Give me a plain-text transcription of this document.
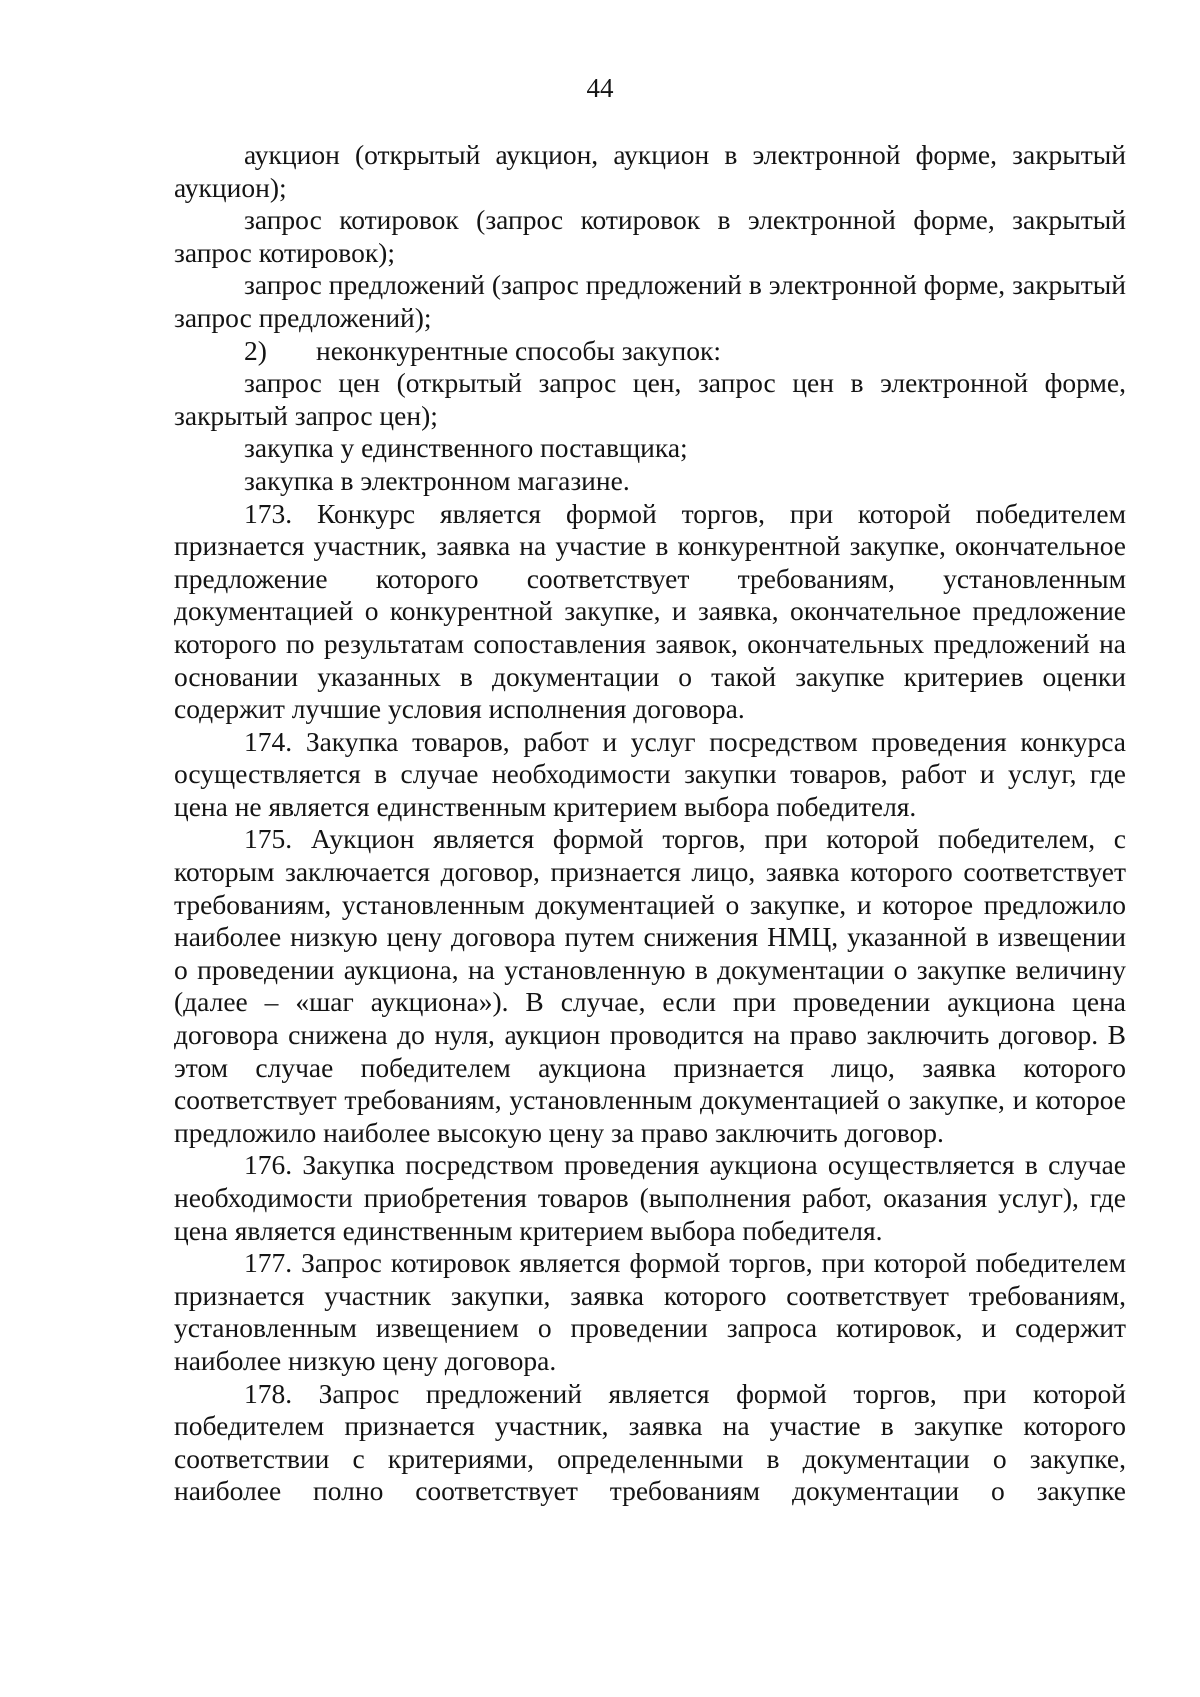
44

аукцион (открытый аукцион, аукцион в электронной форме, закрытый аукцион);

запрос котировок (запрос котировок в электронной форме, закрытый запрос котировок);

запрос предложений (запрос предложений в электронной форме, закрытый запрос предложений);

2) неконкурентные способы закупок:

запрос цен (открытый запрос цен, запрос цен в электронной форме, закрытый запрос цен);

закупка у единственного поставщика;

закупка в электронном магазине.

173. Конкурс является формой торгов, при которой победителем признается участник, заявка на участие в конкурентной закупке, окончательное предложение которого соответствует требованиям, установленным документацией о конкурентной закупке, и заявка, окончательное предложение которого по результатам сопоставления заявок, окончательных предложений на основании указанных в документации о такой закупке критериев оценки содержит лучшие условия исполнения договора.

174. Закупка товаров, работ и услуг посредством проведения конкурса осуществляется в случае необходимости закупки товаров, работ и услуг, где цена не является единственным критерием выбора победителя.

175. Аукцион является формой торгов, при которой победителем, с которым заключается договор, признается лицо, заявка которого соответствует требованиям, установленным документацией о закупке, и которое предложило наиболее низкую цену договора путем снижения НМЦ, указанной в извещении о проведении аукциона, на установленную в документации о закупке величину (далее – «шаг аукциона»). В случае, если при проведении аукциона цена договора снижена до нуля, аукцион проводится на право заключить договор. В этом случае победителем аукциона признается лицо, заявка которого соответствует требованиям, установленным документацией о закупке, и которое предложило наиболее высокую цену за право заключить договор.

176. Закупка посредством проведения аукциона осуществляется в случае необходимости приобретения товаров (выполнения работ, оказания услуг), где цена является единственным критерием выбора победителя.

177. Запрос котировок является формой торгов, при которой победителем признается участник закупки, заявка которого соответствует требованиям, установленным извещением о проведении запроса котировок, и содержит наиболее низкую цену договора.

178. Запрос предложений является формой торгов, при которой победителем признается участник, заявка на участие в закупке которого соответствии с критериями, определенными в документации о закупке, наиболее полно соответствует требованиям документации о закупке
